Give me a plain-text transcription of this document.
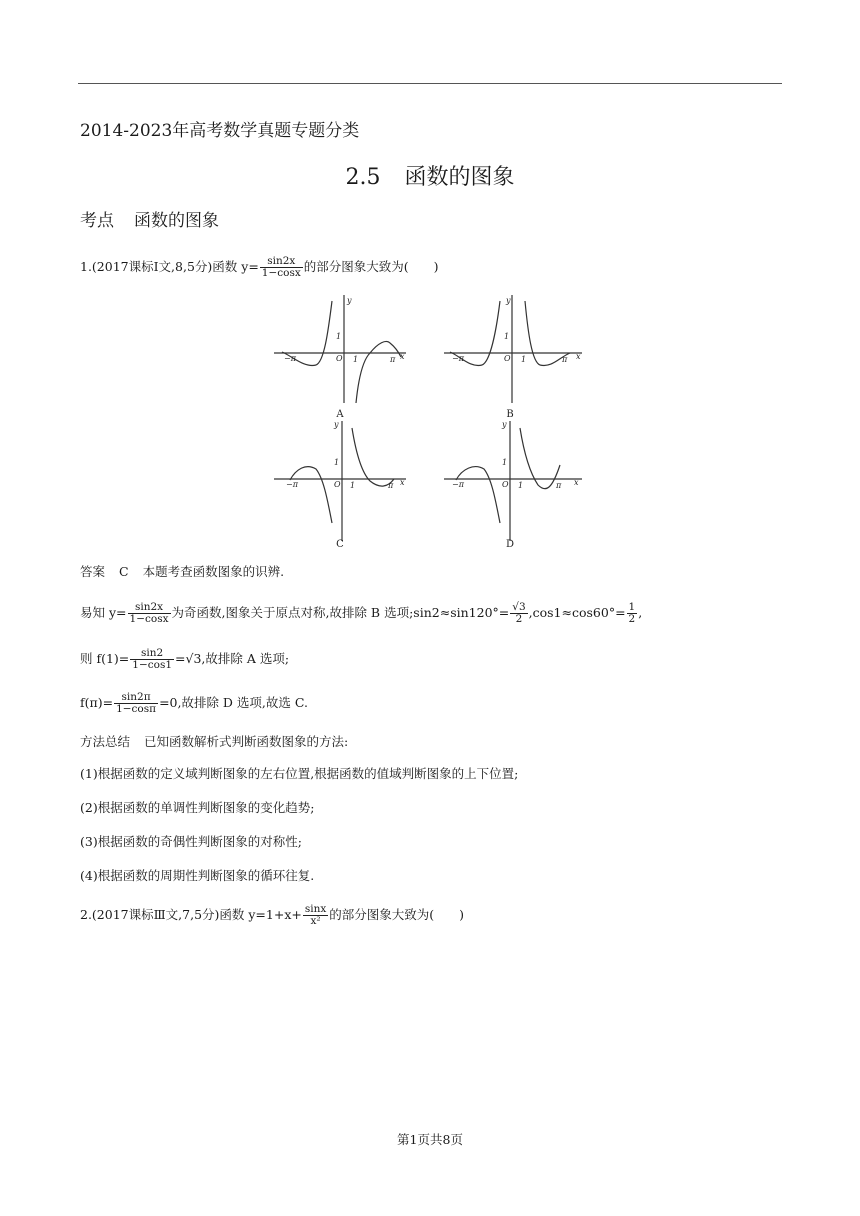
2014-2023年高考数学真题专题分类
2.5 函数的图象
考点 函数的图象
1.(2017课标Ⅰ文,8,5分)函数 $y= \frac{\sin 2x}{1-\cos x}$ 的部分图象大致为(　　)
−π	O 1	π x
y
1
−π	O 1	π x
y
1
−π	O 1	π x
y
1
−π	O 1	π x
y
1
A	B
C	D
答案 C 本题考查函数图象的识辨.
易知 $y= \frac{\sin 2x}{1-\cos x}$ 为奇函数,图象关于原点对称,故排除 B 选项;sin2≈sin120°= $\frac{√3}{2} ,\cos 1\approx\cos 60^\circ= \frac{1}{2}$ ,
则 $f(1)= \frac{\sin 2}{1-\cos 1} =√3$,故排除 A 选项;
$f(\pi)= \frac{\sin 2\pi}{1-\cos\pi} =0$,故排除 D 选项,故选 C.
方法总结 已知函数解析式判断函数图象的方法:
(1)根据函数的定义域判断图象的左右位置,根据函数的值域判断图象的上下位置;
(2)根据函数的单调性判断图象的变化趋势;
(3)根据函数的奇偶性判断图象的对称性;
(4)根据函数的周期性判断图象的循环往复.
2.(2017课标Ⅲ文,7,5分)函数 $y=1+x+ \frac{\sin x}{\text{x²}}$ 的部分图象大致为(　　)
第1页共8页
